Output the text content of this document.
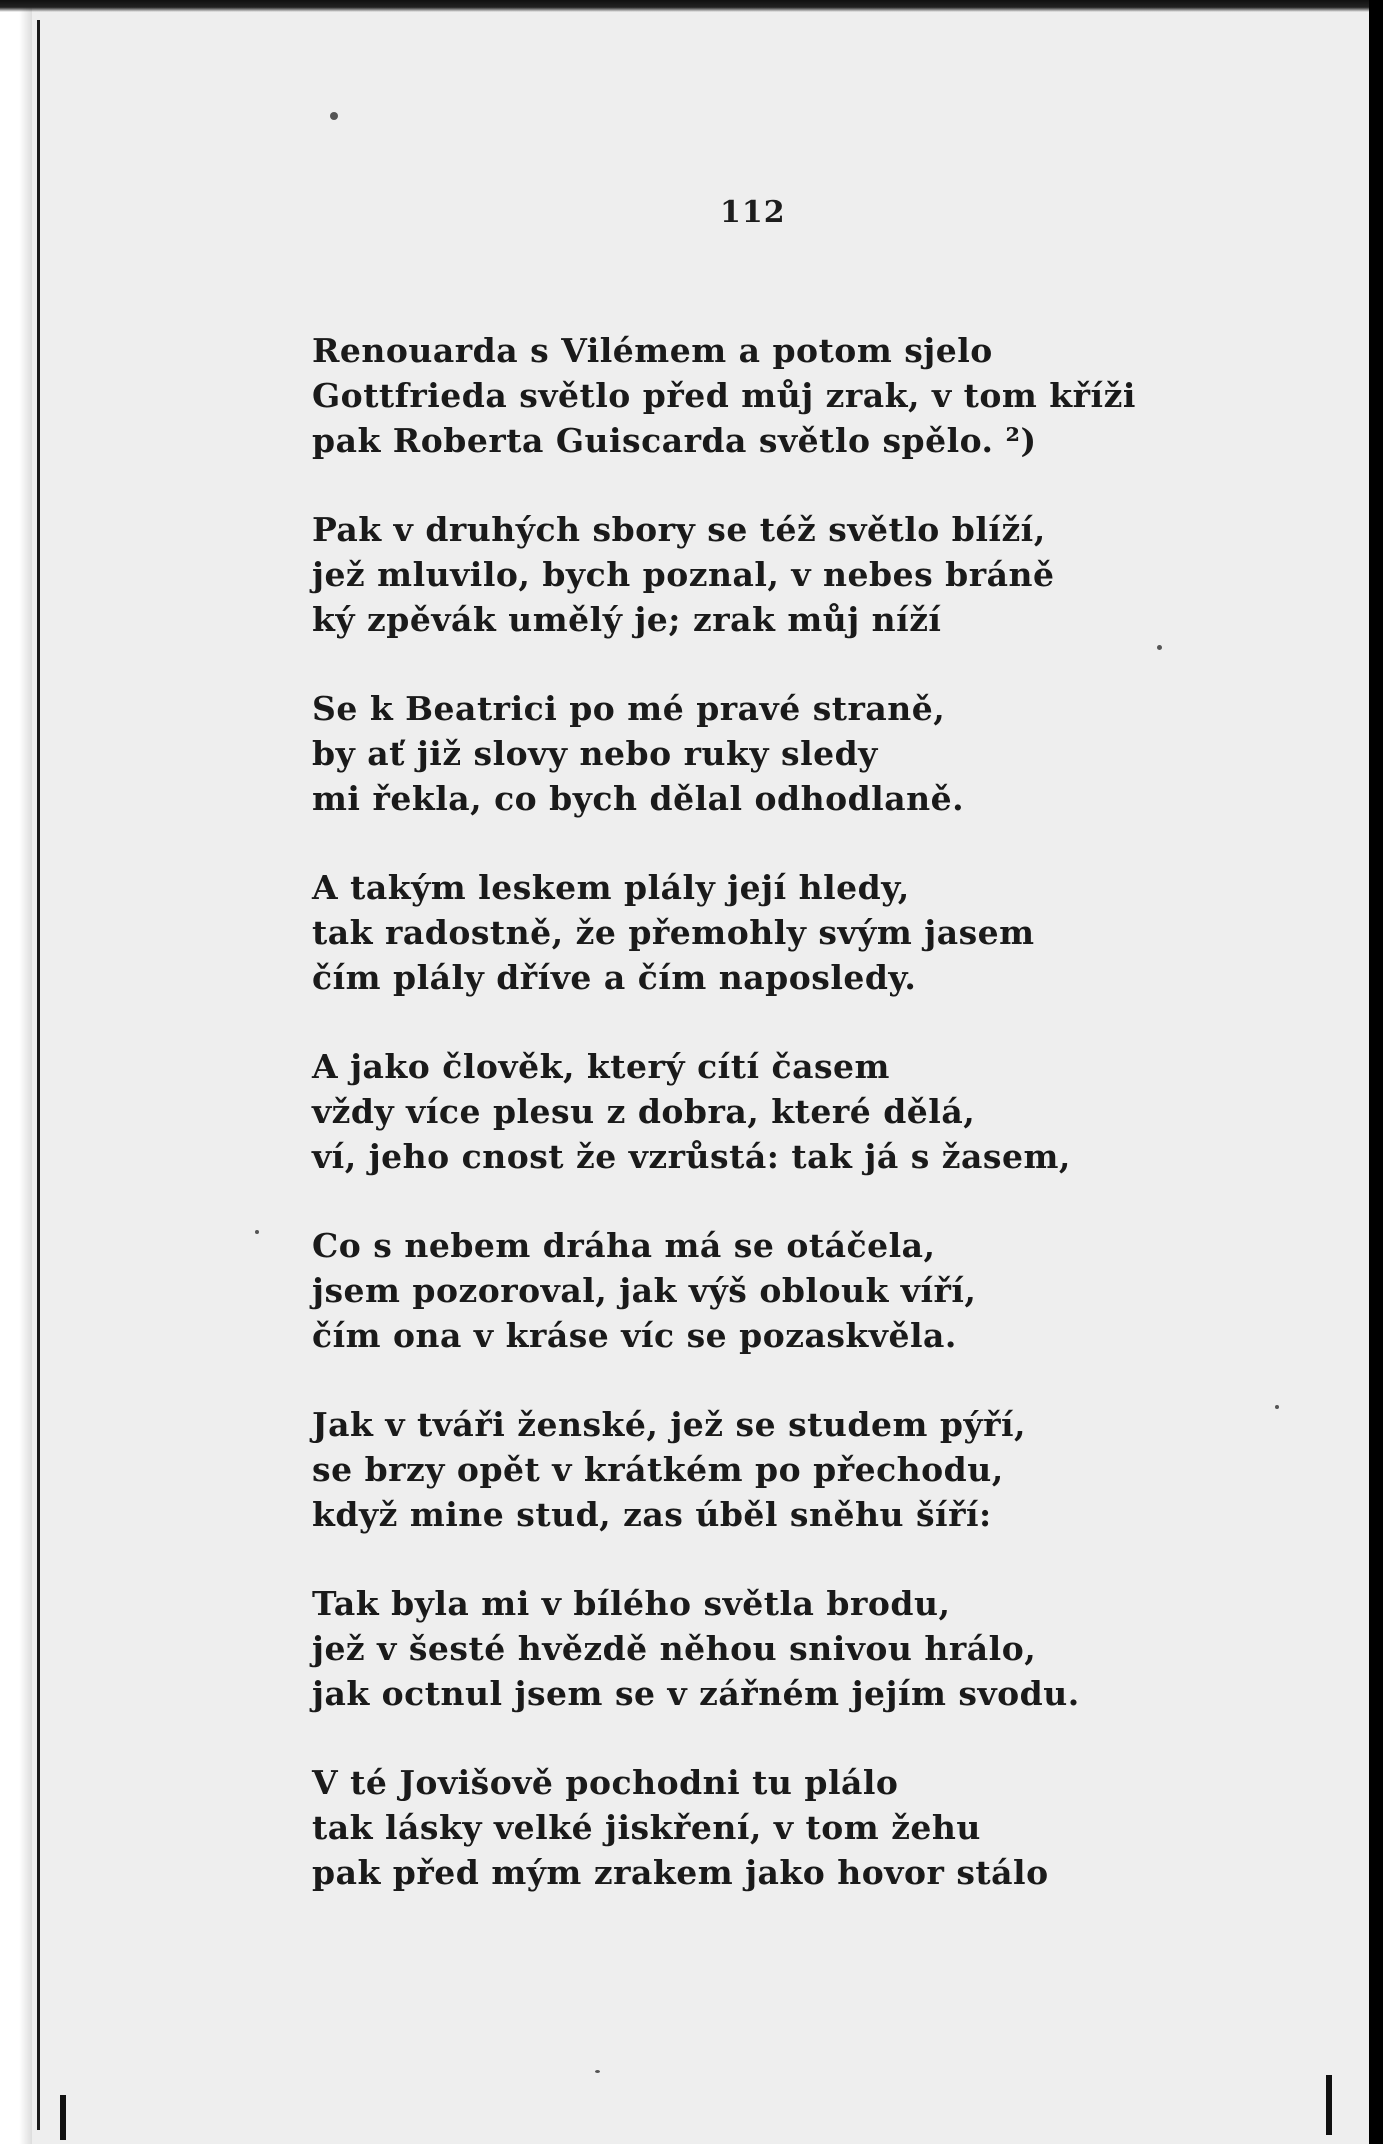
112
Renouarda s Vilémem a potom sjelo
Gottfrieda světlo před můj zrak, v tom kříži
pak Roberta Guiscarda světlo spělo. ²)
Pak v druhých sbory se též světlo blíží,
jež mluvilo, bych poznal, v nebes bráně
ký zpěvák umělý je; zrak můj níží
Se k Beatrici po mé pravé straně,
by ať již slovy nebo ruky sledy
mi řekla, co bych dělal odhodlaně.
A takým leskem plály její hledy,
tak radostně, že přemohly svým jasem
čím plály dříve a čím naposledy.
A jako člověk, který cítí časem
vždy více plesu z dobra, které dělá,
ví, jeho cnost že vzrůstá: tak já s žasem,
Co s nebem dráha má se otáčela,
jsem pozoroval, jak výš oblouk víří,
čím ona v kráse víc se pozaskvěla.
Jak v tváři ženské, jež se studem pýří,
se brzy opět v krátkém po přechodu,
když mine stud, zas úběl sněhu šíří:
Tak byla mi v bílého světla brodu,
jež v šesté hvězdě něhou snivou hrálo,
jak octnul jsem se v zářném jejím svodu.
V té Jovišově pochodni tu plálo
tak lásky velké jiskření, v tom žehu
pak před mým zrakem jako hovor stálo
